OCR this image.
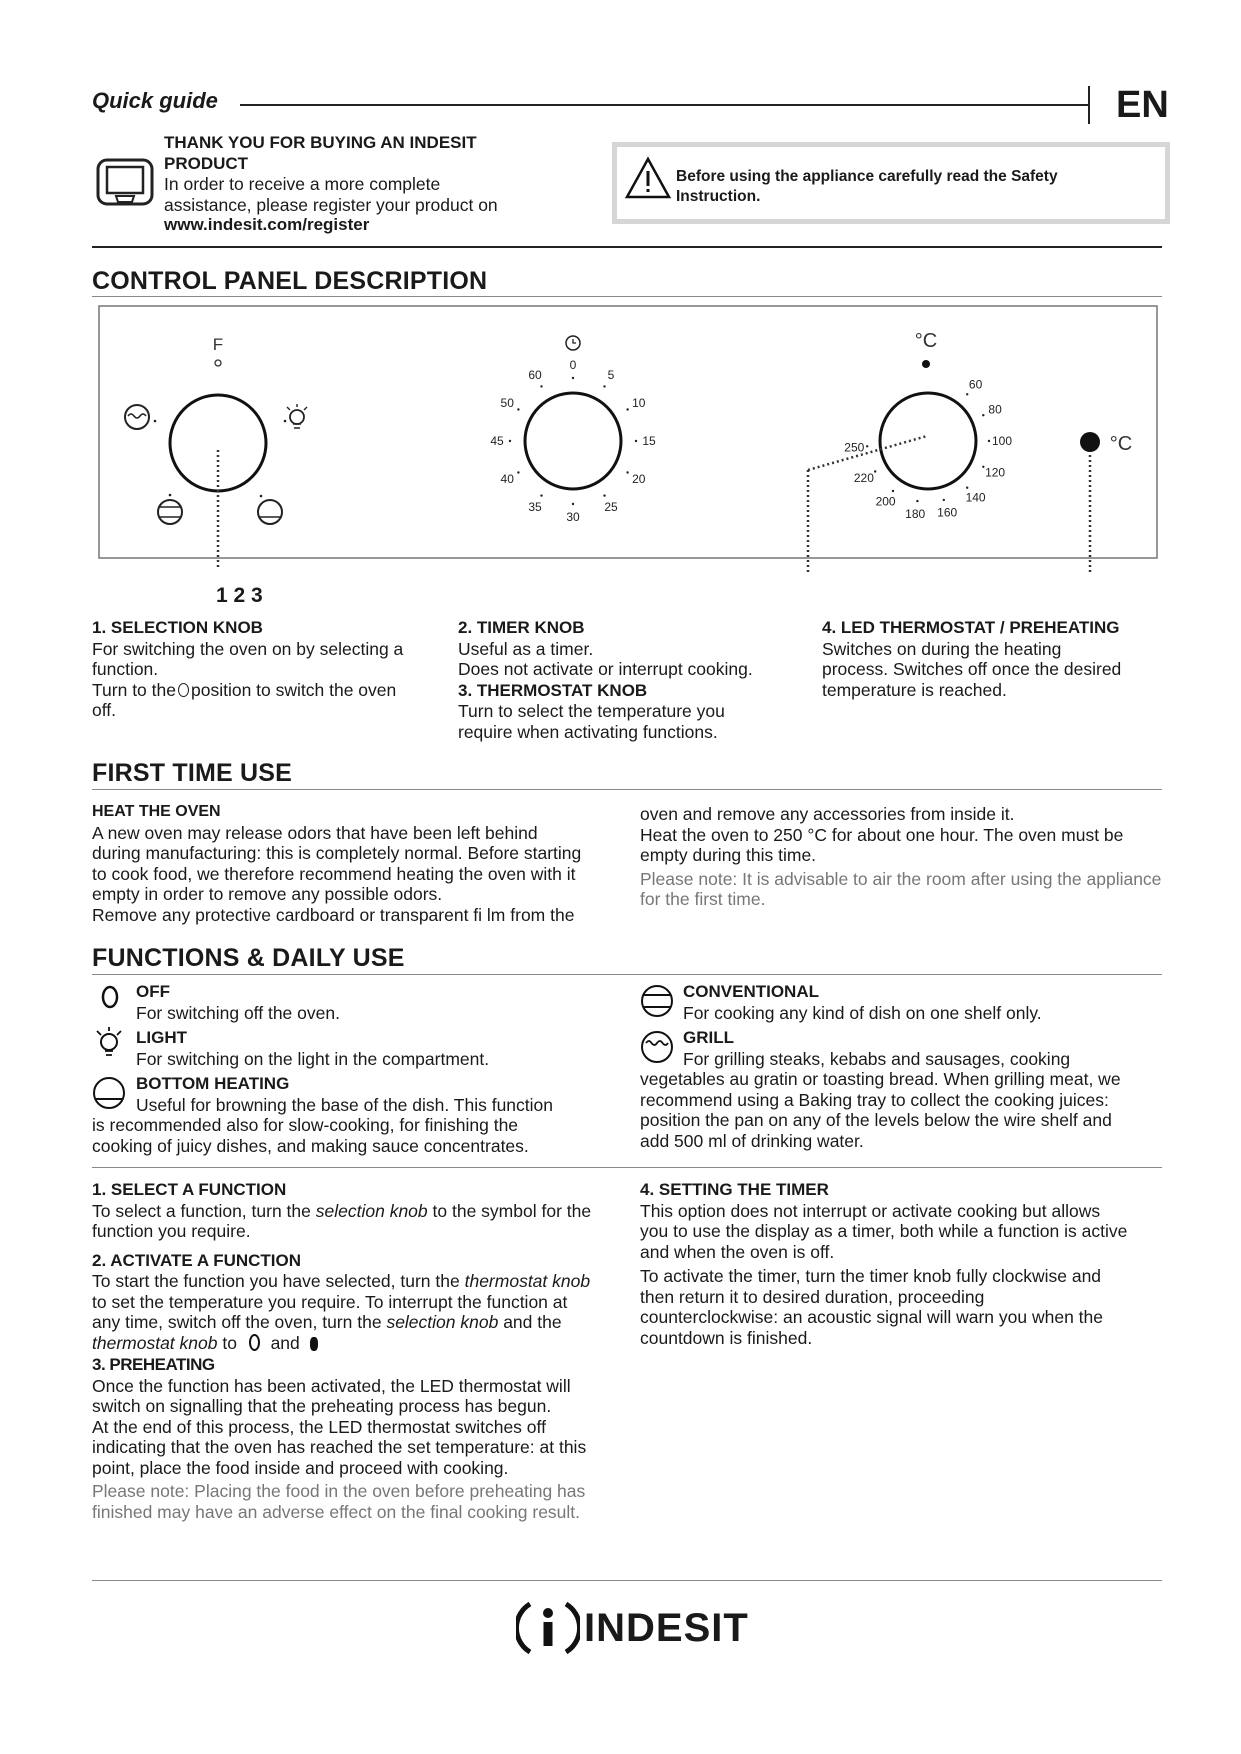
Quick guide	EN

THANK YOU FOR BUYING AN INDESIT

PRODUCT

In order to receive a more complete

assistance, please register your product on

www.indesit.com/register

Before using the appliance carefully read the Safety

Instruction.

CONTROL PANEL DESCRIPTION
F
0
5
10
15
20
25
30
35
40
45
50
60
°C
60
80
100
120
140
160
180
200
220
250	°C
1 2 3

1. SELECTION KNOB

For switching the oven on by selecting a

function.

Turn to the position to switch the oven

off.

2. TIMER KNOB

Useful as a timer.

Does not activate or interrupt cooking.

3. THERMOSTAT KNOB

Turn to select the temperature you

require when activating functions.

4. LED THERMOSTAT / PREHEATING

Switches on during the heating

process. Switches off once the desired

temperature is reached.

FIRST TIME USE

HEAT THE OVEN

A new oven may release odors that have been left behind

during manufacturing: this is completely normal. Before starting

to cook food, we therefore recommend heating the oven with it

empty in order to remove any possible odors.

Remove any protective cardboard or transparent fi lm from the

oven and remove any accessories from inside it.

Heat the oven to 250 °C for about one hour. The oven must be

empty during this time.

Please note: It is advisable to air the room after using the appliance

for the first time.

FUNCTIONS & DAILY USE

OFF

For switching off the oven.

LIGHT

For switching on the light in the compartment.

BOTTOM HEATING

Useful for browning the base of the dish. This function

is recommended also for slow-cooking, for finishing the

cooking of juicy dishes, and making sauce concentrates.

CONVENTIONAL

For cooking any kind of dish on one shelf only.

GRILL

For grilling steaks, kebabs and sausages, cooking

vegetables au gratin or toasting bread. When grilling meat, we

recommend using a Baking tray to collect the cooking juices:

position the pan on any of the levels below the wire shelf and

add 500 ml of drinking water.

1. SELECT A FUNCTION

To select a function, turn the selection knob to the symbol for the

function you require.

2. ACTIVATE A FUNCTION

To start the function you have selected, turn the thermostat knob

to set the temperature you require. To interrupt the function at

any time, switch off the oven, turn the selection knob and the

thermostat knob to and

3. PREHEATING

Once the function has been activated, the LED thermostat will

switch on signalling that the preheating process has begun.

At the end of this process, the LED thermostat switches off

indicating that the oven has reached the set temperature: at this

point, place the food inside and proceed with cooking.

Please note: Placing the food in the oven before preheating has

finished may have an adverse effect on the final cooking result.

4. SETTING THE TIMER

This option does not interrupt or activate cooking but allows

you to use the display as a timer, both while a function is active

and when the oven is off.

To activate the timer, turn the timer knob fully clockwise and

then return it to desired duration, proceeding

counterclockwise: an acoustic signal will warn you when the

countdown is finished.

INDESIT
